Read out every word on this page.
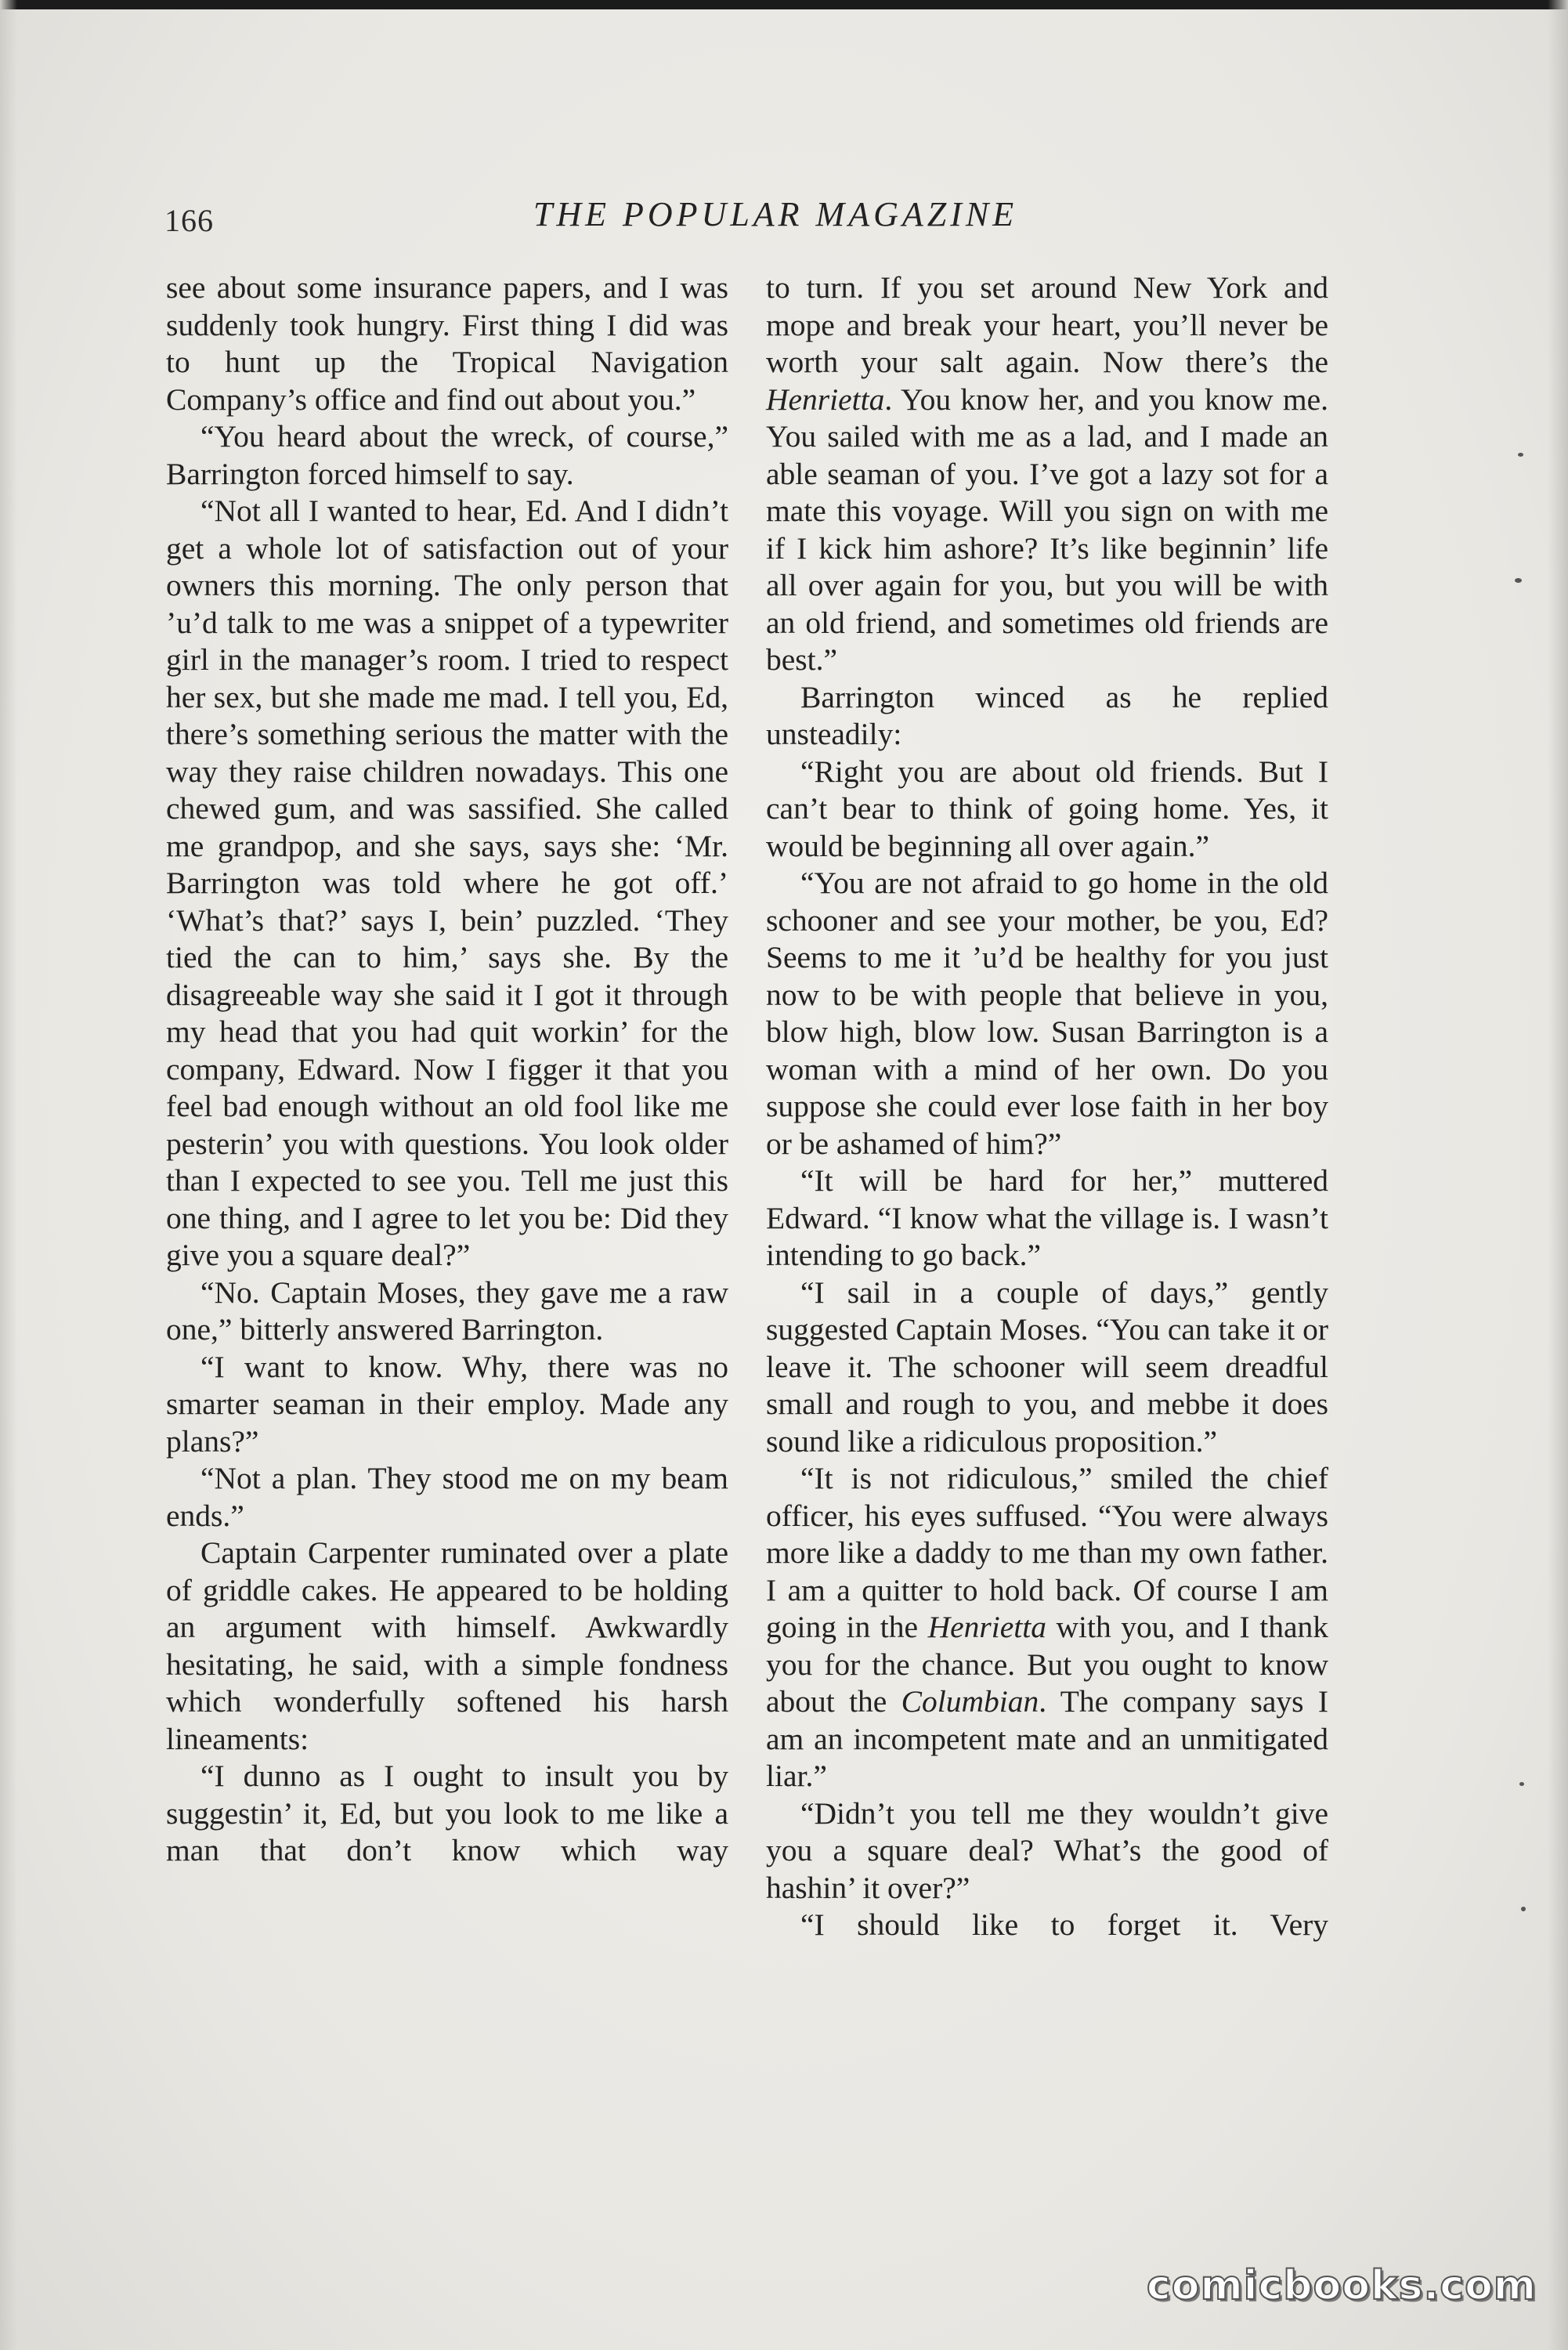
166	THE POPULAR MAGAZINE

see about some insurance papers, and I was suddenly took hungry. First thing I did was to hunt up the Tropical Navigation Company’s office and find out about you.”

“You heard about the wreck, of course,” Barrington forced himself to say.

“Not all I wanted to hear, Ed. And I didn’t get a whole lot of satisfaction out of your owners this morning. The only person that ’u’d talk to me was a snippet of a typewriter girl in the manager’s room. I tried to respect her sex, but she made me mad. I tell you, Ed, there’s something serious the matter with the way they raise children nowadays. This one chewed gum, and was sassified. She called me grandpop, and she says, says she: ‘Mr. Barrington was told where he got off.’ ‘What’s that?’ says I, bein’ puzzled. ‘They tied the can to him,’ says she. By the disagreeable way she said it I got it through my head that you had quit workin’ for the company, Edward. Now I figger it that you feel bad enough without an old fool like me pesterin’ you with questions. You look older than I expected to see you. Tell me just this one thing, and I agree to let you be: Did they give you a square deal?”

“No. Captain Moses, they gave me a raw one,” bitterly answered Barrington.

“I want to know. Why, there was no smarter seaman in their employ. Made any plans?”

“Not a plan. They stood me on my beam ends.”

Captain Carpenter ruminated over a plate of griddle cakes. He appeared to be holding an argument with himself. Awkwardly hesitating, he said, with a simple fondness which wonderfully softened his harsh lineaments:

“I dunno as I ought to insult you by suggestin’ it, Ed, but you look to me like a man that don’t know which way

to turn. If you set around New York and mope and break your heart, you’ll never be worth your salt again. Now there’s the Henrietta. You know her, and you know me. You sailed with me as a lad, and I made an able seaman of you. I’ve got a lazy sot for a mate this voyage. Will you sign on with me if I kick him ashore? It’s like beginnin’ life all over again for you, but you will be with an old friend, and sometimes old friends are best.”

Barrington winced as he replied unsteadily:

“Right you are about old friends. But I can’t bear to think of going home. Yes, it would be beginning all over again.”

“You are not afraid to go home in the old schooner and see your mother, be you, Ed? Seems to me it ’u’d be healthy for you just now to be with people that believe in you, blow high, blow low. Susan Barrington is a woman with a mind of her own. Do you suppose she could ever lose faith in her boy or be ashamed of him?”

“It will be hard for her,” muttered Edward. “I know what the village is. I wasn’t intending to go back.”

“I sail in a couple of days,” gently suggested Captain Moses. “You can take it or leave it. The schooner will seem dreadful small and rough to you, and mebbe it does sound like a ridiculous proposition.”

“It is not ridiculous,” smiled the chief officer, his eyes suffused. “You were always more like a daddy to me than my own father. I am a quitter to hold back. Of course I am going in the Henrietta with you, and I thank you for the chance. But you ought to know about the Columbian. The company says I am an incompetent mate and an unmitigated liar.”

“Didn’t you tell me they wouldn’t give you a square deal? What’s the good of hashin’ it over?”

“I should like to forget it. Very

comicbooks.com
